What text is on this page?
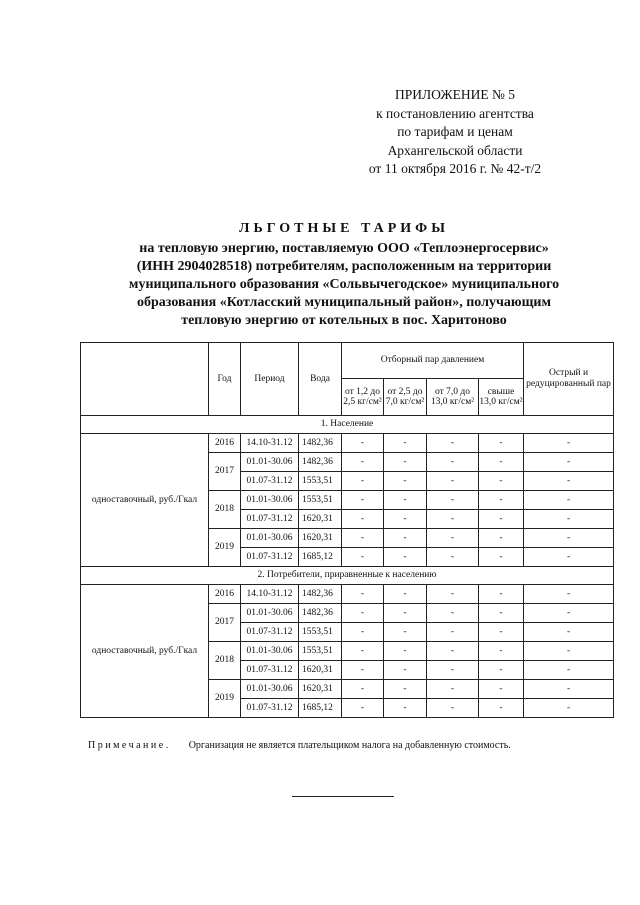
ПРИЛОЖЕНИЕ № 5
к постановлению агентства
по тарифам и ценам
Архангельской области
от 11 октября 2016 г. № 42-т/2
ЛЬГОТНЫЕ ТАРИФЫ
на тепловую энергию, поставляемую ООО «Теплоэнергосервис»
(ИНН 2904028518) потребителям, расположенным на территории
муниципального образования «Сольвычегодское» муниципального
образования «Котласский муниципальный район», получающим
тепловую энергию от котельных в пос. Харитоново
	Год	Период	Вода	Отборный пар давлением				Острый и редуцированный пар
				от 1,2 до 2,5 кг/см²	от 2,5 до 7,0 кг/см²	от 7,0 до 13,0 кг/см²	свыше 13,0 кг/см²	
1. Население								
одноставочный, руб./Гкал	2016	14.10-31.12	1482,36	-	-	-	-	-
	2017	01.01-30.06	1482,36	-	-	-	-	-
		01.07-31.12	1553,51	-	-	-	-	-
	2018	01.01-30.06	1553,51	-	-	-	-	-
		01.07-31.12	1620,31	-	-	-	-	-
	2019	01.01-30.06	1620,31	-	-	-	-	-
		01.07-31.12	1685,12	-	-	-	-	-
2. Потребители, приравненные к населению								
одноставочный, руб./Гкал	2016	14.10-31.12	1482,36	-	-	-	-	-
	2017	01.01-30.06	1482,36	-	-	-	-	-
		01.07-31.12	1553,51	-	-	-	-	-
	2018	01.01-30.06	1553,51	-	-	-	-	-
		01.07-31.12	1620,31	-	-	-	-	-
	2019	01.01-30.06	1620,31	-	-	-	-	-
		01.07-31.12	1685,12	-	-	-	-	-
Примечание. Организация не является плательщиком налога на добавленную стоимость.
